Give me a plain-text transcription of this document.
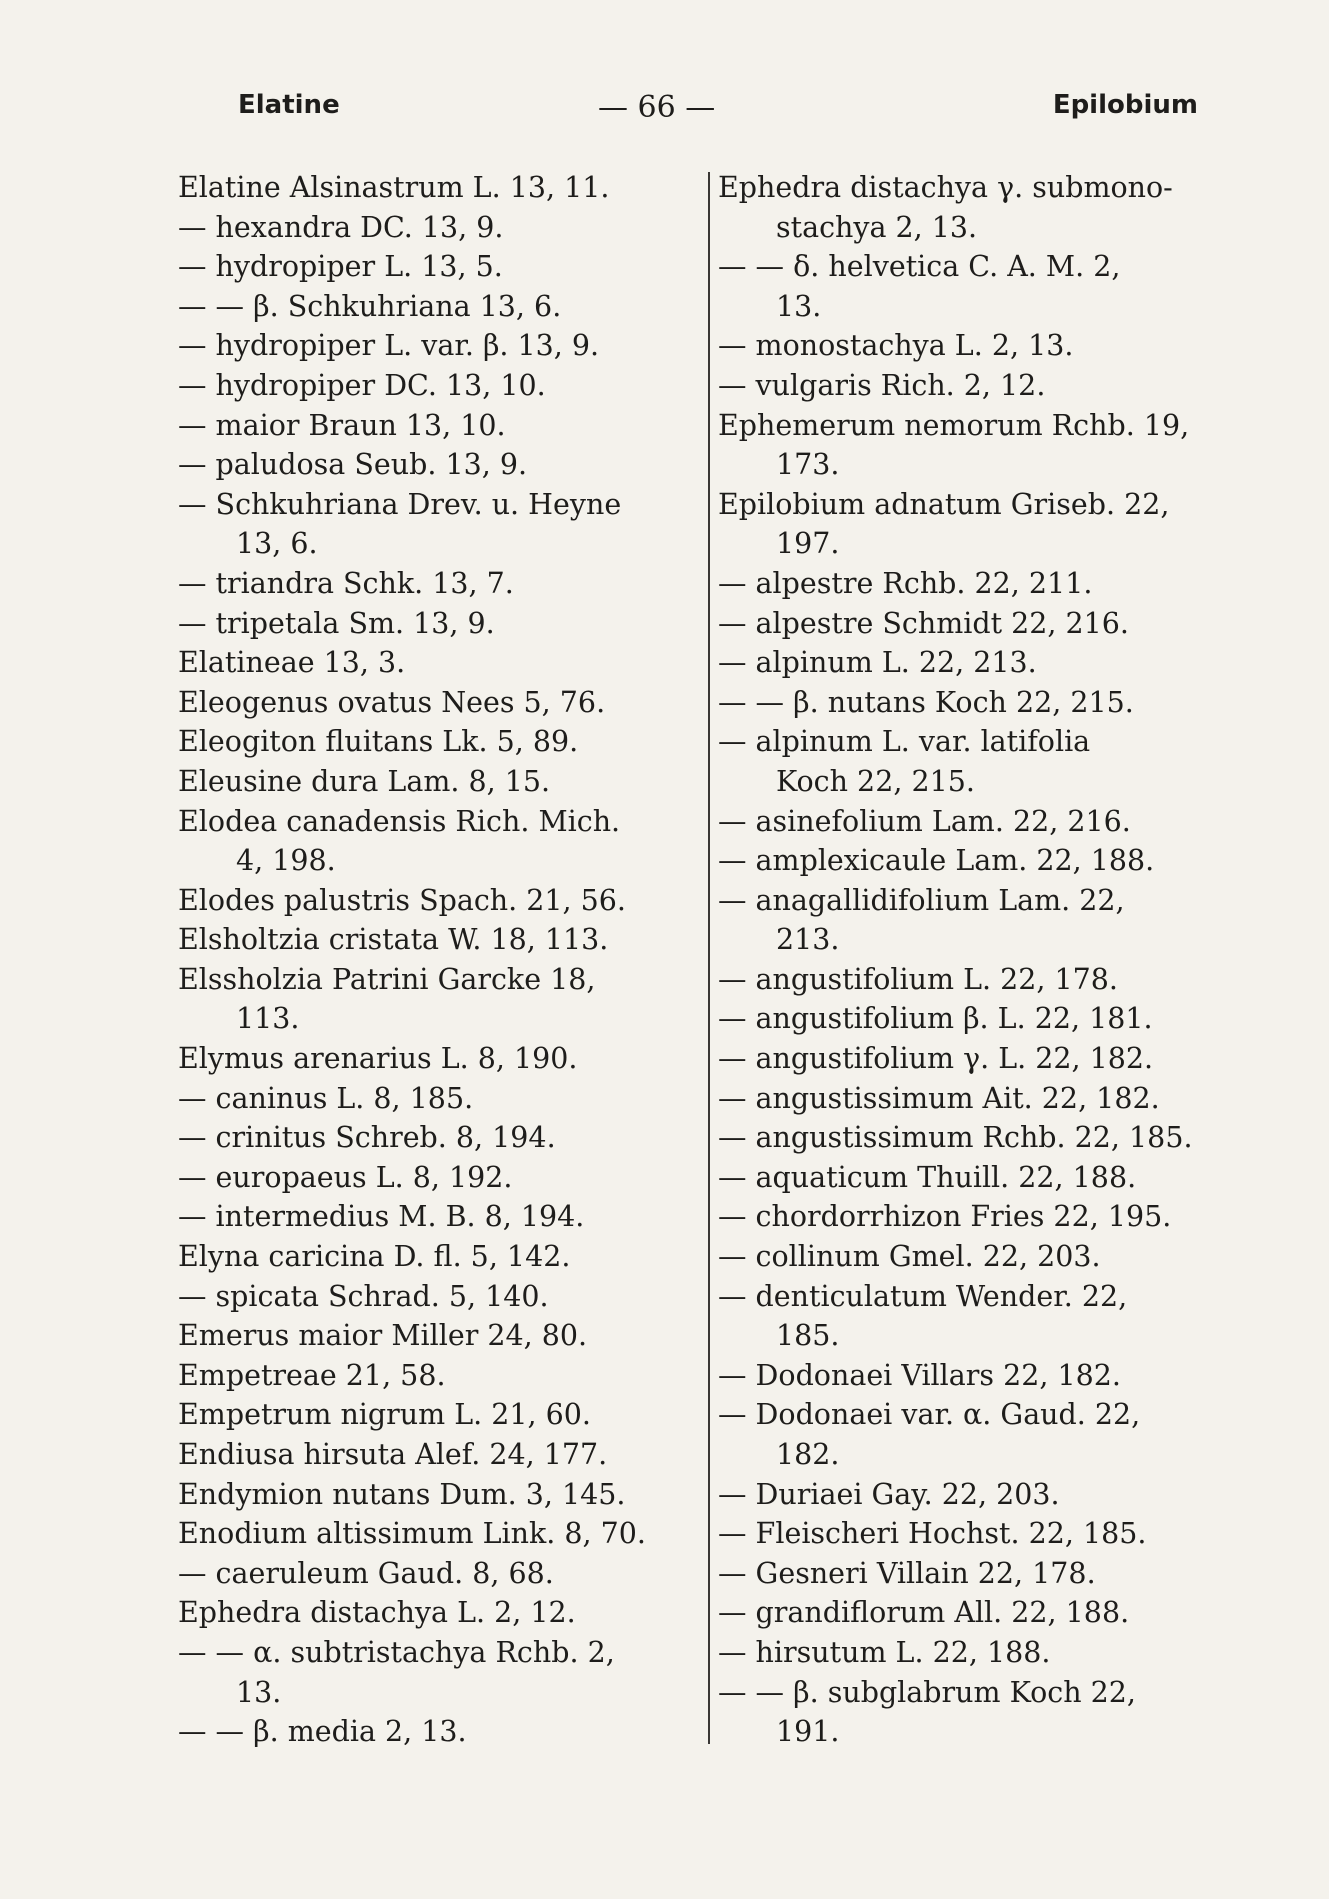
Elatine	— 66 —	Epilobium
Elatine Alsinastrum L. 13, 11.
— hexandra DC. 13, 9.
— hydropiper L. 13, 5.
— — β. Schkuhriana 13, 6.
— hydropiper L. var. β. 13, 9.
— hydropiper DC. 13, 10.
— maior Braun 13, 10.
— paludosa Seub. 13, 9.
— Schkuhriana Drev. u. Heyne
13, 6.
— triandra Schk. 13, 7.
— tripetala Sm. 13, 9.
Elatineae 13, 3.
Eleogenus ovatus Nees 5, 76.
Eleogiton fluitans Lk. 5, 89.
Eleusine dura Lam. 8, 15.
Elodea canadensis Rich. Mich.
4, 198.
Elodes palustris Spach. 21, 56.
Elsholtzia cristata W. 18, 113.
Elssholzia Patrini Garcke 18,
113.
Elymus arenarius L. 8, 190.
— caninus L. 8, 185.
— crinitus Schreb. 8, 194.
— europaeus L. 8, 192.
— intermedius M. B. 8, 194.
Elyna caricina D. fl. 5, 142.
— spicata Schrad. 5, 140.
Emerus maior Miller 24, 80.
Empetreae 21, 58.
Empetrum nigrum L. 21, 60.
Endiusa hirsuta Alef. 24, 177.
Endymion nutans Dum. 3, 145.
Enodium altissimum Link. 8, 70.
— caeruleum Gaud. 8, 68.
Ephedra distachya L. 2, 12.
— — α. subtristachya Rchb. 2,
13.
— — β. media 2, 13.
Ephedra distachya γ. submono-
stachya 2, 13.
— — δ. helvetica C. A. M. 2,
13.
— monostachya L. 2, 13.
— vulgaris Rich. 2, 12.
Ephemerum nemorum Rchb. 19,
173.
Epilobium adnatum Griseb. 22,
197.
— alpestre Rchb. 22, 211.
— alpestre Schmidt 22, 216.
— alpinum L. 22, 213.
— — β. nutans Koch 22, 215.
— alpinum L. var. latifolia
Koch 22, 215.
— asinefolium Lam. 22, 216.
— amplexicaule Lam. 22, 188.
— anagallidifolium Lam. 22,
213.
— angustifolium L. 22, 178.
— angustifolium β. L. 22, 181.
— angustifolium γ. L. 22, 182.
— angustissimum Ait. 22, 182.
— angustissimum Rchb. 22, 185.
— aquaticum Thuill. 22, 188.
— chordorrhizon Fries 22, 195.
— collinum Gmel. 22, 203.
— denticulatum Wender. 22,
185.
— Dodonaei Villars 22, 182.
— Dodonaei var. α. Gaud. 22,
182.
— Duriaei Gay. 22, 203.
— Fleischeri Hochst. 22, 185.
— Gesneri Villain 22, 178.
— grandiflorum All. 22, 188.
— hirsutum L. 22, 188.
— — β. subglabrum Koch 22,
191.
